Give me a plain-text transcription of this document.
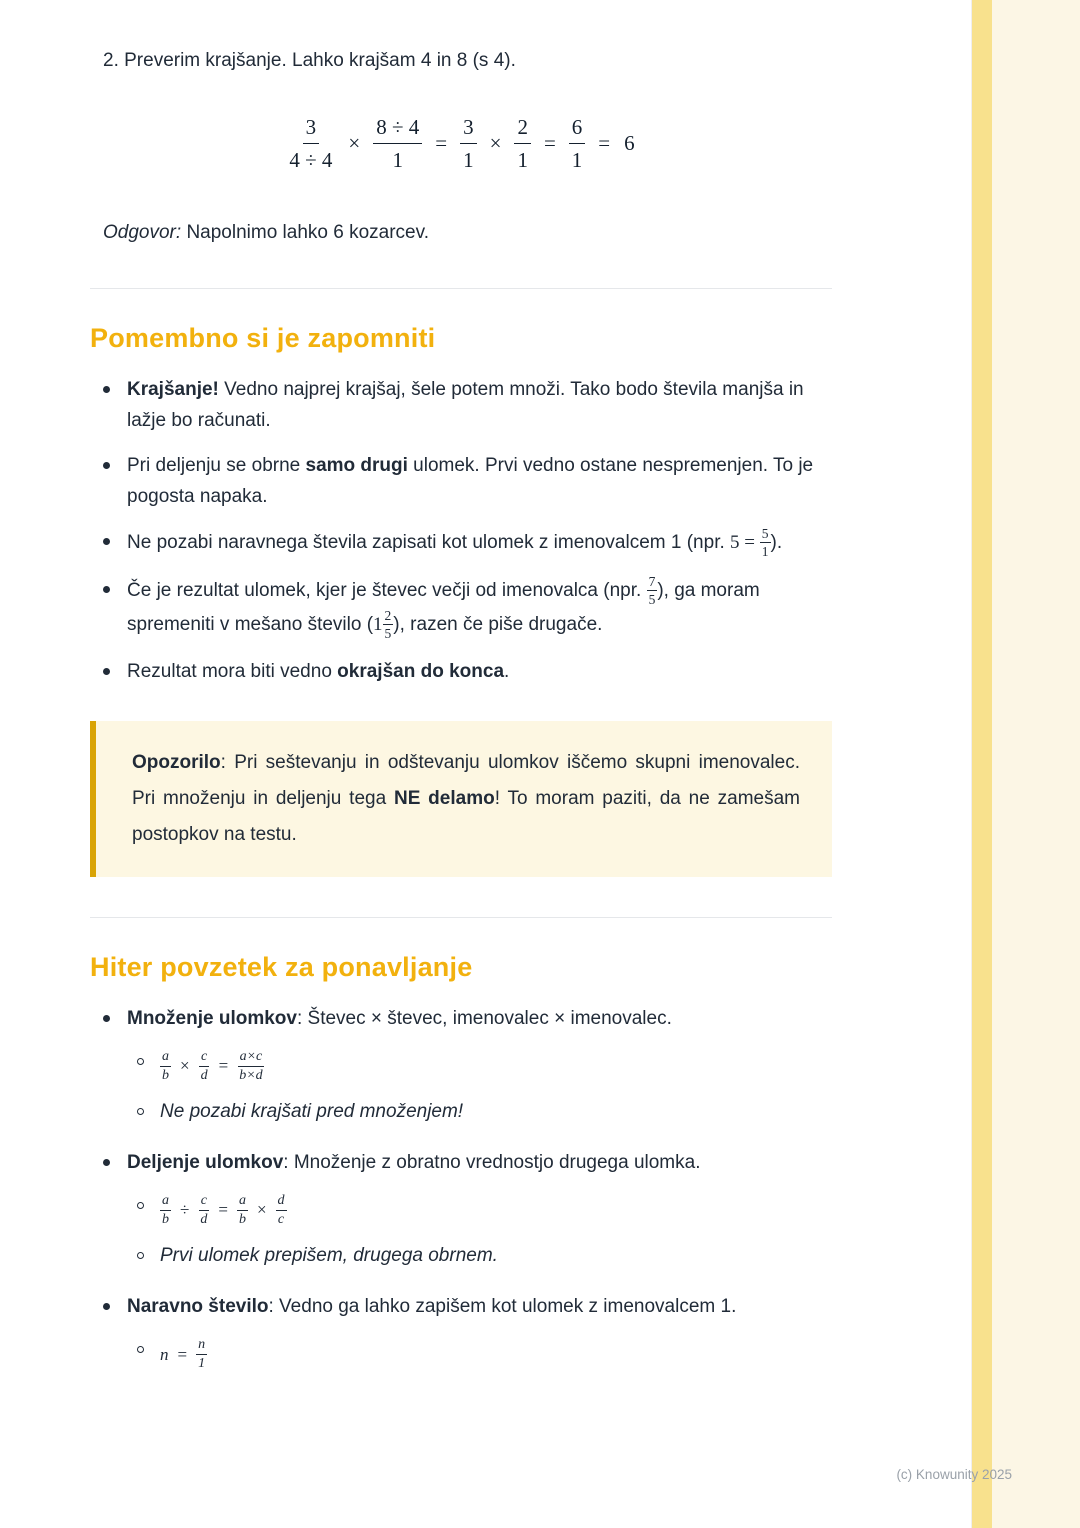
2. Preverim krajšanje. Lahko krajšam 4 in 8 (s 4).

$\frac{3}{4 \div 4} \times \frac{8 \div 4}{1} = \frac{3}{1} \times \frac{2}{1} = \frac{6}{1} = 6$

Odgovor: Napolnimo lahko 6 kozarcev.

Pomembno si je zapomniti

Krajšanje! Vedno najprej krajšaj, šele potem množi. Tako bodo števila manjša in lažje bo računati.

Pri deljenju se obrne samo drugi ulomek. Prvi vedno ostane nespremenjen. To je pogosta napaka.

Ne pozabi naravnega števila zapisati kot ulomek z imenovalcem 1 (npr. $5 = \frac{5}{1}$ ).

Če je rezultat ulomek, kjer je števec večji od imenovalca (npr. $\frac{7}{5}$ ), ga moram spremeniti v mešano število ($1 \frac{2}{5}$ ), razen če piše drugače.

Rezultat mora biti vedno okrajšan do konca.

Opozorilo: Pri seštevanju in odštevanju ulomkov iščemo skupni imenovalec. Pri množenju in deljenju tega NE delamo! To moram paziti, da ne zamešam postopkov na testu.

Hiter povzetek za ponavljanje

Množenje ulomkov: Števec × števec, imenovalec × imenovalec.

$\frac{a}{b} \times \frac{c}{d} = \frac{a\times c}{b\times d}$
Ne pozabi krajšati pred množenjem!

Deljenje ulomkov: Množenje z obratno vrednostjo drugega ulomka.

$\frac{a}{b} \div \frac{c}{d} = \frac{a}{b} \times \frac{d}{c}$
Prvi ulomek prepišem, drugega obrnem.

Naravno število: Vedno ga lahko zapišem kot ulomek z imenovalcem 1.

$n = \frac{n}{1}$
(c) Knowunity 2025
